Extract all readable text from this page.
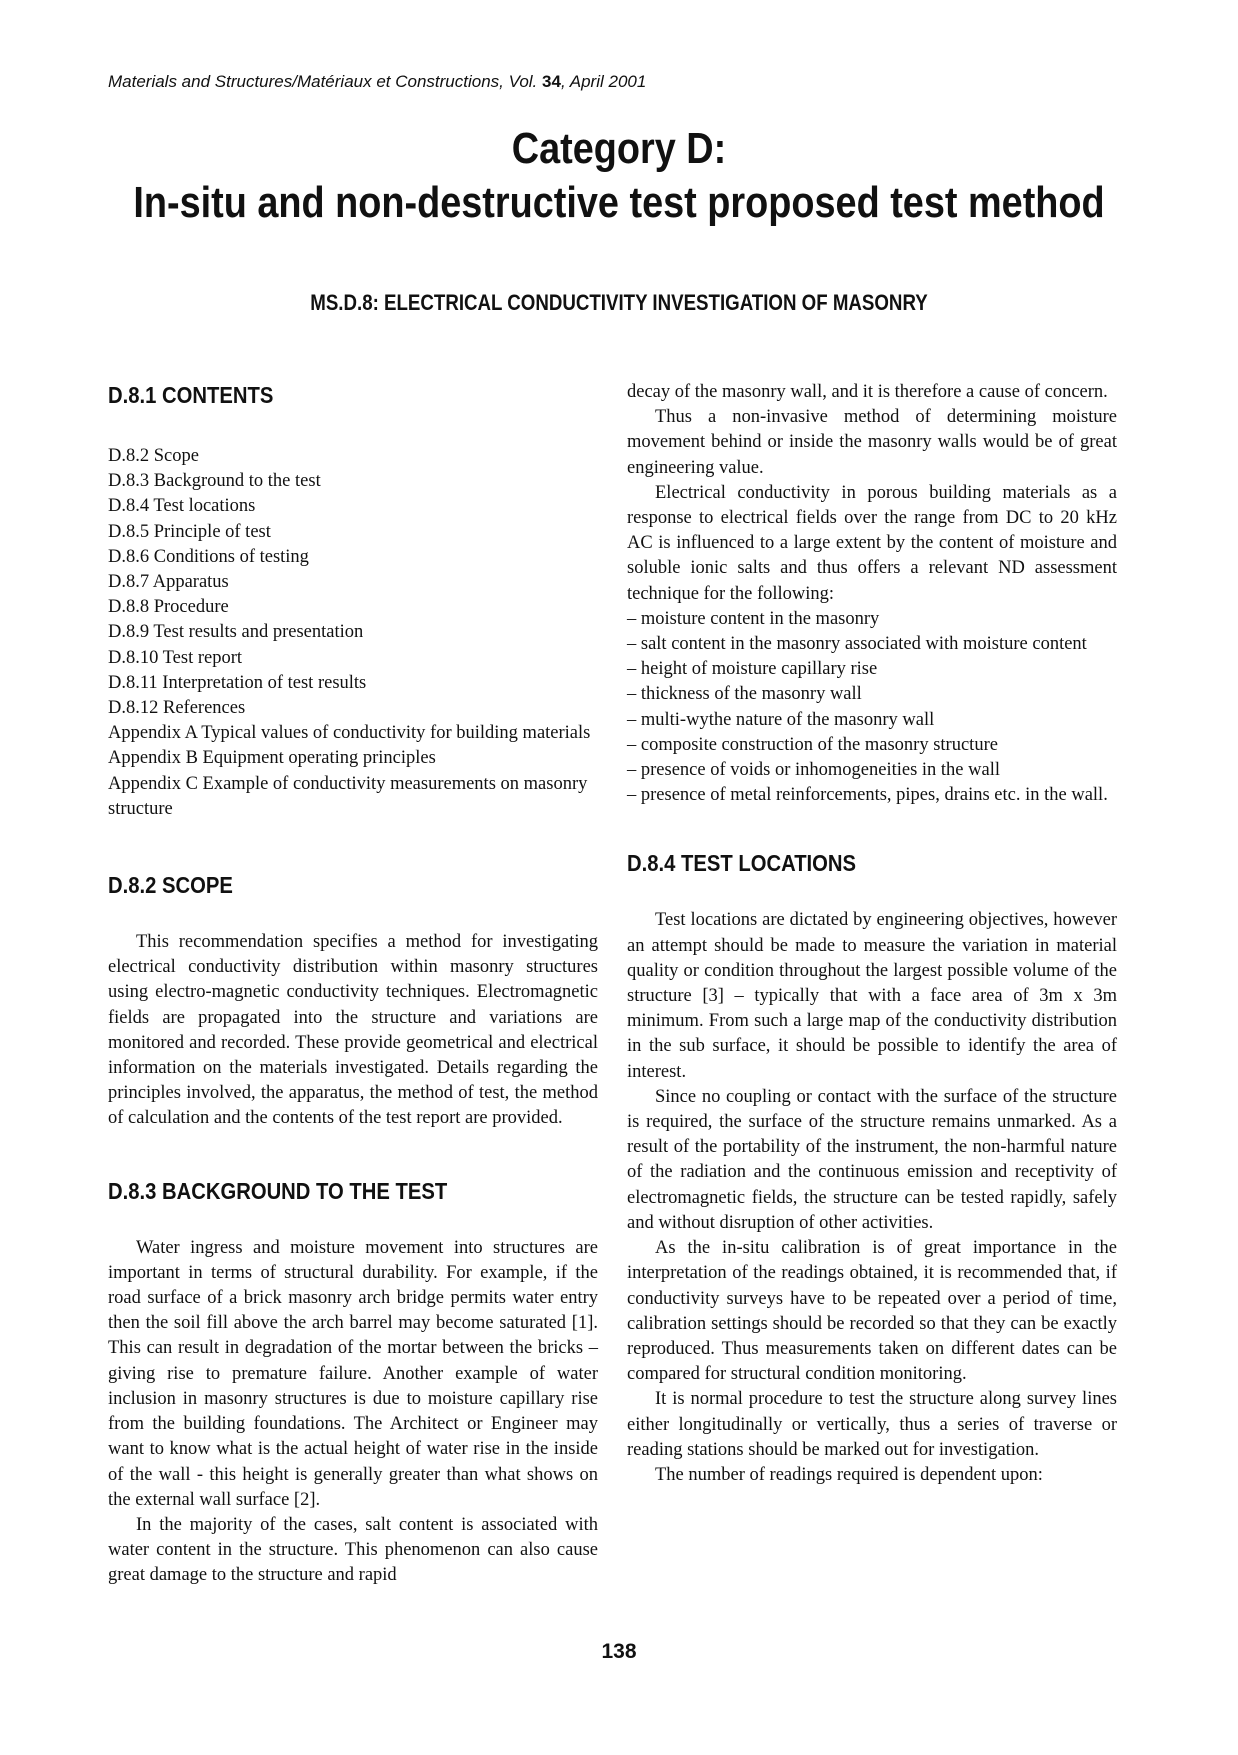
Materials and Structures/Matériaux et Constructions, Vol. 34, April 2001
Category D:
In-situ and non-destructive test proposed test method
MS.D.8: ELECTRICAL CONDUCTIVITY INVESTIGATION OF MASONRY
D.8.1 CONTENTS
D.8.2 Scope
D.8.3 Background to the test
D.8.4 Test locations
D.8.5 Principle of test
D.8.6 Conditions of testing
D.8.7 Apparatus
D.8.8 Procedure
D.8.9 Test results and presentation
D.8.10 Test report
D.8.11 Interpretation of test results
D.8.12 References
Appendix A Typical values of conductivity for building materials
Appendix B Equipment operating principles
Appendix C Example of conductivity measurements on masonry structure
D.8.2 SCOPE

This recommendation specifies a method for investigating electrical conductivity distribution within masonry structures using electro-magnetic conductivity techniques. Electromagnetic fields are propagated into the structure and variations are monitored and recorded. These provide geometrical and electrical information on the materials investigated. Details regarding the principles involved, the apparatus, the method of test, the method of calculation and the contents of the test report are provided.

D.8.3 BACKGROUND TO THE TEST

Water ingress and moisture movement into structures are important in terms of structural durability. For example, if the road surface of a brick masonry arch bridge permits water entry then the soil fill above the arch barrel may become saturated [1]. This can result in degradation of the mortar between the bricks – giving rise to premature failure. Another example of water inclusion in masonry structures is due to moisture capillary rise from the building foundations. The Architect or Engineer may want to know what is the actual height of water rise in the inside of the wall - this height is generally greater than what shows on the external wall surface [2].

In the majority of the cases, salt content is associated with water content in the structure. This phenomenon can also cause great damage to the structure and rapid

decay of the masonry wall, and it is therefore a cause of concern.

Thus a non-invasive method of determining moisture movement behind or inside the masonry walls would be of great engineering value.

Electrical conductivity in porous building materials as a response to electrical fields over the range from DC to 20 kHz AC is influenced to a large extent by the content of moisture and soluble ionic salts and thus offers a relevant ND assessment technique for the following:

– moisture content in the masonry
– salt content in the masonry associated with moisture content
– height of moisture capillary rise
– thickness of the masonry wall
– multi-wythe nature of the masonry wall
– composite construction of the masonry structure
– presence of voids or inhomogeneities in the wall
– presence of metal reinforcements, pipes, drains etc. in the wall.
D.8.4 TEST LOCATIONS

Test locations are dictated by engineering objectives, however an attempt should be made to measure the variation in material quality or condition throughout the largest possible volume of the structure [3] – typically that with a face area of 3m x 3m minimum. From such a large map of the conductivity distribution in the sub surface, it should be possible to identify the area of interest.

Since no coupling or contact with the surface of the structure is required, the surface of the structure remains unmarked. As a result of the portability of the instrument, the non-harmful nature of the radiation and the continuous emission and receptivity of electromagnetic fields, the structure can be tested rapidly, safely and without disruption of other activities.

As the in-situ calibration is of great importance in the interpretation of the readings obtained, it is recommended that, if conductivity surveys have to be repeated over a period of time, calibration settings should be recorded so that they can be exactly reproduced. Thus measurements taken on different dates can be compared for structural condition monitoring.

It is normal procedure to test the structure along survey lines either longitudinally or vertically, thus a series of traverse or reading stations should be marked out for investigation.

The number of readings required is dependent upon:

138
